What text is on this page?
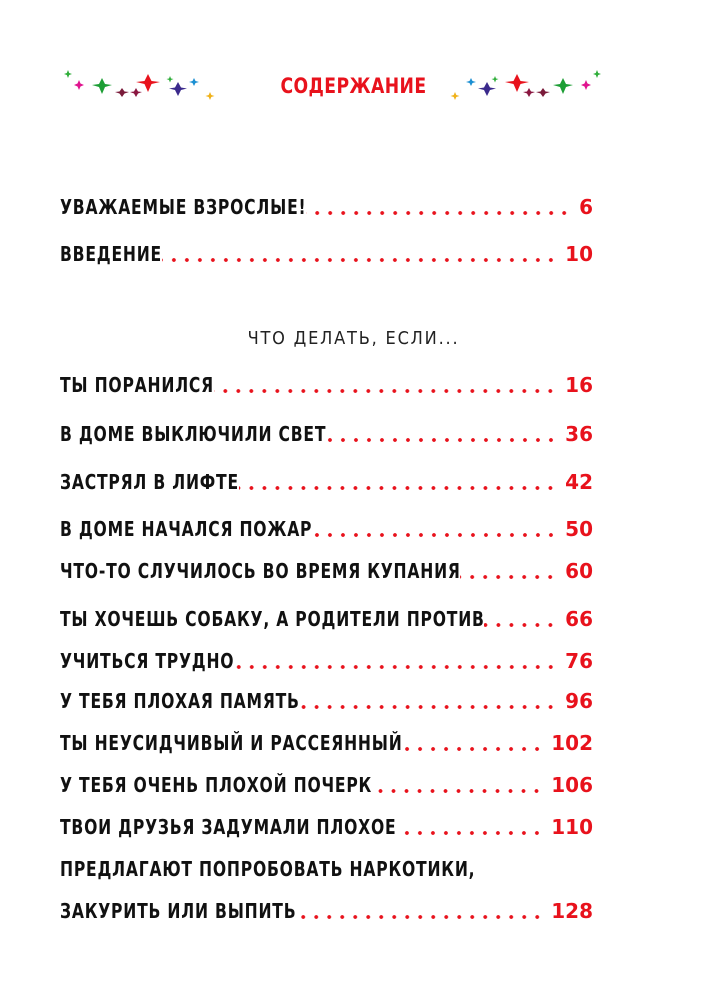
СОДЕРЖАНИЕ
УВАЖАЕМЫЕ ВЗРОСЛЫЕ!	6
ВВЕДЕНИЕ	10
ЧТО ДЕЛАТЬ, ЕСЛИ...
ТЫ ПОРАНИЛСЯ	16
В ДОМЕ ВЫКЛЮЧИЛИ СВЕТ	36
ЗАСТРЯЛ В ЛИФТЕ	42
В ДОМЕ НАЧАЛСЯ ПОЖАР	50
ЧТО-ТО СЛУЧИЛОСЬ ВО ВРЕМЯ КУПАНИЯ	60
ТЫ ХОЧЕШЬ СОБАКУ, А РОДИТЕЛИ ПРОТИВ	66
УЧИТЬСЯ ТРУДНО	76
У ТЕБЯ ПЛОХАЯ ПАМЯТЬ	96
ТЫ НЕУСИДЧИВЫЙ И РАССЕЯННЫЙ	102
У ТЕБЯ ОЧЕНЬ ПЛОХОЙ ПОЧЕРК	106
ТВОИ ДРУЗЬЯ ЗАДУМАЛИ ПЛОХОЕ	110
ПРЕДЛАГАЮТ ПОПРОБОВАТЬ НАРКОТИКИ,
ЗАКУРИТЬ ИЛИ ВЫПИТЬ	128
